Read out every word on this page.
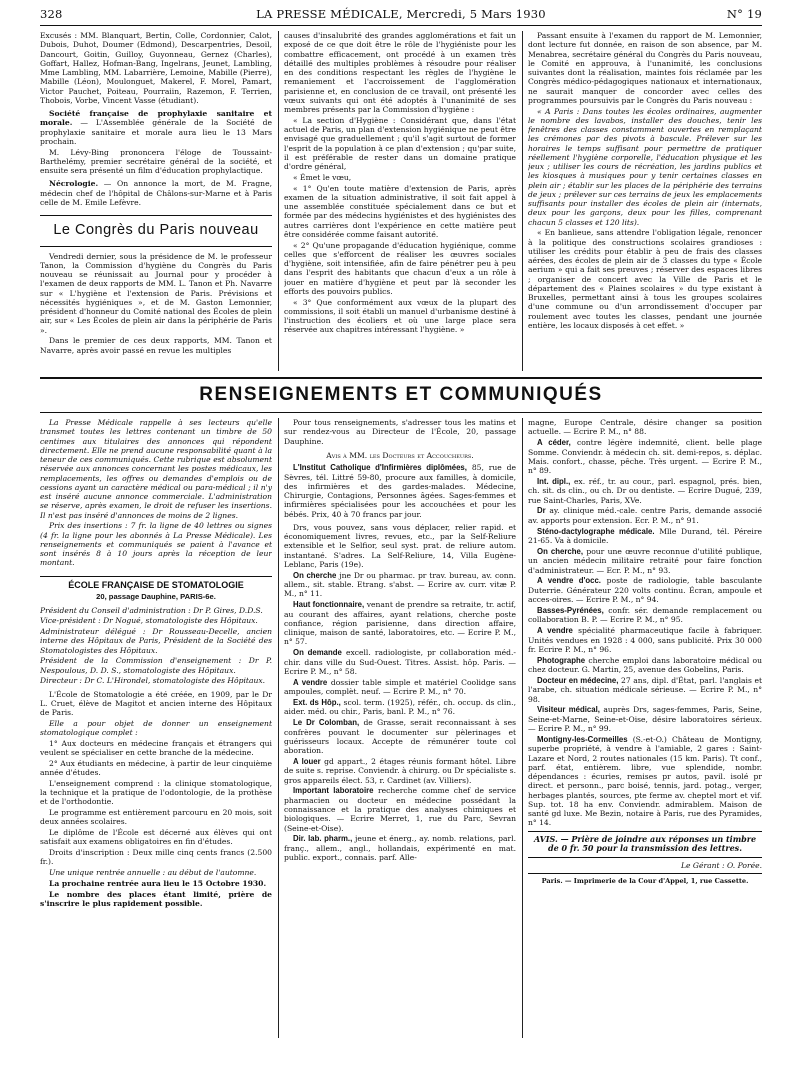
328	LA PRESSE MÉDICALE, Mercredi, 5 Mars 1930	N° 19

Excusés : MM. Blanquart, Bertin, Colle, Cordonnier, Calot, Dubois, Duhot, Doumer (Edmond), Descarpentries, Desoil, Dancourt, Goitin, Guilloy, Guyonneau, Gernez (Charles), Goffart, Hallez, Hofman-Bang, Ingelrans, Jeunet, Lambling, Mme Lambling, MM. Labarrière, Lemoine, Mabille (Pierre), Mabille (Léon), Moulonguet, Makerel, F. Morel, Pamart, Victor Pauchet, Poiteau, Pourraiin, Razemon, F. Terrien, Thobois, Vorbe, Vincent Vasse (étudiant).

Société française de prophylaxie sanitaire et morale. — L'Assemblée générale de la Société de prophylaxie sanitaire et morale aura lieu le 13 Mars prochain.

M. Lévy-Bing prononcera l'éloge de Toussaint-Barthelémy, premier secrétaire général de la société, et ensuite sera présenté un film d'éducation prophylactique.

Nécrologie. — On annonce la mort, de M. Fragne, médecin chef de l'hôpital de Châlons-sur-Marne et à Paris celle de M. Emile Lefèvre.

Le Congrès du Paris nouveau

Vendredi dernier, sous la présidence de M. le professeur Tanon, la Commission d'hygiène du Congrès du Paris nouveau se réunissait au Journal pour y procéder à l'examen de deux rapports de MM. L. Tanon et Ph. Navarre sur « L'hygiène et l'extension de Paris. Prévisions et nécessités hygiéniques », et de M. Gaston Lemonnier, président d'honneur du Comité national des Écoles de plein air, sur « Les Écoles de plein air dans la périphérie de Paris ».

Dans le premier de ces deux rapports, MM. Tanon et Navarre, après avoir passé en revue les multiples

causes d'insalubrité des grandes agglomérations et fait un exposé de ce que doit être le rôle de l'hygiéniste pour les combattre efficacement, ont procédé à un examen très détaillé des multiples problèmes à résoudre pour réaliser en des conditions respectant les règles de l'hygiène le remaniement et l'accroissement de l'agglomération parisienne et, en conclusion de ce travail, ont présenté les vœux suivants qui ont été adoptés à l'unanimité de ses membres présents par la Commission d'hygiène :

« La section d'Hygiène : Considérant que, dans l'état actuel de Paris, un plan d'extension hygiénique ne peut être envisagé que graduellement ; qu'il s'agit surtout de former l'esprit de la population à ce plan d'extension ; qu'par suite, il est préférable de rester dans un domaine pratique d'ordre général,

« Émet le vœu,

« 1° Qu'en toute matière d'extension de Paris, après examen de la situation administrative, il soit fait appel à une assemblée constituée spécialement dans ce but et formée par des médecins hygiénistes et des hygiénistes des autres carrières dont l'expérience en cette matière peut être considérée comme faisant autorité.

« 2° Qu'une propagande d'éducation hygiénique, comme celles que s'efforcent de réaliser les œuvres sociales d'hygiène, soit intensifiée, afin de faire pénétrer peu à peu dans l'esprit des habitants que chacun d'eux a un rôle à jouer en matière d'hygiène et peut par là seconder les efforts des pouvoirs publics.

« 3° Que conformément aux vœux de la plupart des commissions, il soit établi un manuel d'urbanisme destiné à l'instruction des écoliers et où une large place sera réservée aux chapitres intéressant l'hygiène. »

Passant ensuite à l'examen du rapport de M. Lemonnier, dont lecture fut donnée, en raison de son absence, par M. Menabrea, secrétaire général du Congrès du Paris nouveau, le Comité en approuva, à l'unanimité, les conclusions suivantes dont la réalisation, maintes fois réclamée par les Congrès médico-pédagogiques nationaux et internationaux, ne saurait manquer de concorder avec celles des programmes poursuivis par le Congrès du Paris nouveau :

« A Paris : Dans toutes les écoles ordinaires, augmenter le nombre des lavabos, installer des douches, tenir les fenêtres des classes constamment ouvertes en remplaçant les crémones par des pivots à bascule. Prélever sur les horaires le temps suffisant pour permettre de pratiquer réellement l'hygiène corporelle, l'éducation physique et les jeux ; utiliser les cours de récréation, les jardins publics et les kiosques à musiques pour y tenir certaines classes en plein air ; établir sur les places de la périphérie des terrains de jeux ; prélever sur ces terrains de jeux les emplacements suffisants pour installer des écoles de plein air (internats, deux pour les garçons, deux pour les filles, comprenant chacun 5 classes et 120 lits).

« En banlieue, sans attendre l'obligation légale, renoncer à la politique des constructions scolaires grandioses : utiliser les crédits pour établir à peu de frais des classes aérées, des écoles de plein air de 3 classes du type « École aerium » qui a fait ses preuves ; réserver des espaces libres ; organiser de concert avec la Ville de Paris et le département des « Plaines scolaires » du type existant à Bruxelles, permettant ainsi à tous les groupes scolaires d'une commune ou d'un arrondissement d'occuper par roulement avec toutes les classes, pendant une journée entière, les locaux disposés à cet effet. »

RENSEIGNEMENTS ET COMMUNIQUÉS

La Presse Médicale rappelle à ses lecteurs qu'elle transmet toutes les lettres contenant un timbre de 50 centimes aux titulaires des annonces qui répondent directement. Elle ne prend aucune responsabilité quant à la teneur de ces communiqués. Cette rubrique est absolument réservée aux annonces concernant les postes médicaux, les remplacements, les offres ou demandes d'emplois ou de cessions ayant un caractère médical ou para-médical ; il n'y est inséré aucune annonce commerciale. L'administration se réserve, après examen, le droit de refuser les insertions. Il n'est pas inséré d'annonces de moins de 2 lignes.

Prix des insertions : 7 fr. la ligne de 40 lettres ou signes (4 fr. la ligne pour les abonnés à La Presse Médicale). Les renseignements et communiqués se paient à l'avance et sont insérés 8 à 10 jours après la réception de leur montant.

ÉCOLE FRANÇAISE DE STOMATOLOGIE
20, passage Dauphine, PARIS-6e.

Président du Conseil d'administration : Dr P. Gires, D.D.S.

Vice-président : Dr Nogué, stomatologiste des Hôpitaux.

Administrateur délégué : Dr Rousseau-Decelle, ancien interne des Hôpitaux de Paris, Président de la Société des Stomatologistes des Hôpitaux.

Président de la Commission d'enseignement : Dr P. Nespoulous, D. D. S., stomatologiste des Hôpitaux.

Directeur : Dr C. L'Hirondel, stomatologiste des Hôpitaux.

L'École de Stomatologie a été créée, en 1909, par le Dr L. Cruet, élève de Magitot et ancien interne des Hôpitaux de Paris.

Elle a pour objet de donner un enseignement stomatologique complet :

1° Aux docteurs en médecine français et étrangers qui veulent se spécialiser en cette branche de la médecine.

2° Aux étudiants en médecine, à partir de leur cinquième année d'études.

L'enseignement comprend : la clinique stomatologique, la technique et la pratique de l'odontologie, de la prothèse et de l'orthodontie.

Le programme est entièrement parcouru en 20 mois, soit deux années scolaires.

Le diplôme de l'École est décerné aux élèves qui ont satisfait aux examens obligatoires en fin d'études.

Droits d'inscription : Deux mille cinq cents francs (2.500 fr.).

Une unique rentrée annuelle : au début de l'automne.

La prochaine rentrée aura lieu le 15 Octobre 1930.

Le nombre des places étant limité, prière de s'inscrire le plus rapidement possible.

Pour tous renseignements, s'adresser tous les matins et sur rendez-vous au Directeur de l'École, 20, passage Dauphine.

Avis à MM. les Docteurs et Accoucheurs.

L'Institut Catholique d'Infirmières diplômées, 85, rue de Sèvres, tél. Littré 59-80, procure aux familles, à domicile, des infirmières et des gardes-malades. Médecine, Chirurgie, Contagions, Personnes âgées. Sages-femmes et infirmières spécialisées pour les accouchées et pour les bébés. Prix, 40 à 70 francs par jour.

Drs, vous pouvez, sans vous déplacer, relier rapid. et économiquement livres, revues, etc., par la Self-Reliure extensible et le Selfior, seul syst. prat. de reliure autom. instantané. S'adres. La Self-Reliure, 14, Villa Eugène-Leblanc, Paris (19e).

On cherche jne Dr ou pharmac. pr trav. bureau, av. conn. allem., sit. stable. Etrang. s'abst. — Ecrire av. curr. vitæ P. M., n° 11.

Haut fonctionnaire, venant de prendre sa retraite, tr. actif, au courant des affaires, ayant relations, cherche poste confiance, région parisienne, dans direction affaire, clinique, maison de santé, laboratoires, etc. — Ecrire P. M., n° 57.

On demande excell. radiologiste, pr collaboration méd.-chir. dans ville du Sud-Ouest. Titres. Assist. hôp. Paris. — Ecrire P. M., n° 58.

A vendre dossier table simple et matériel Coolidge sans ampoules, complèt. neuf. — Ecrire P. M., n° 70.

Ext. ds Hôp., scol. term. (1925), référ., ch. occup. ds clin., aider. méd. ou chir., Paris, banl. P. M., n° 76.

Le Dr Colomban, de Grasse, serait reconnaissant à ses confrères pouvant le documenter sur pèlerinages et guérisseurs locaux. Accepte de rémunérer toute col aboration.

A louer gd appart., 2 étages réunis formant hôtel. Libre de suite s. reprise. Conviendr. à chirurg. ou Dr spécialiste s. gros appareils élect. 53, r. Cardinet (av. Villiers).

Important laboratoire recherche comme chef de service pharmacien ou docteur en médecine possédant la connaissance et la pratique des analyses chimiques et biologiques. — Ecrire Merret, 1, rue du Parc, Sevran (Seine-et-Oise).

Dir. lab. pharm., jeune et énerg., ay. nomb. relations, parl. franç., allem., angl., hollandais, expérimenté en mat. public. export., connais. parf. Alle-

magne, Europe Centrale, désire changer sa position actuelle. — Ecrire P. M., n° 88.

A céder, contre légère indemnité, client. belle plage Somme. Conviendr. à médecin ch. sit. demi-repos, s. déplac. Mais. confort., chasse, pêche. Très urgent. — Ecrire P. M., n° 89.

Int. dipl., ex. réf., tr. au cour., parl. espagnol, prés. bien, ch. sit. ds clin., ou ch. Dr ou dentiste. — Ecrire Dugué, 239, rue Saint-Charles, Paris, XVe.

Dr ay. clinique méd.-cale. centre Paris, demande associé av. apports pour extension. Ecr. P. M., n° 91.

Sténo-dactylographe médicale. Mlle Durand, tél. Péreire 21-65. Va à domicile.

On cherche, pour une œuvre reconnue d'utilité publique, un ancien médecin militaire retraité pour faire fonction d'administrateur. — Ecr. P. M., n° 93.

A vendre d'occ. poste de radiologie, table basculante Duterrie. Générateur 220 volts continu. Écran, ampoule et acces-oires. — Ecrire P. M., n° 94.

Basses-Pyrénées, confr. sér. demande remplacement ou collaboration B. P. — Ecrire P. M., n° 95.

A vendre spécialité pharmaceutique facile à fabriquer. Unités vendues en 1928 : 4 000, sans publicité. Prix 30 000 fr. Ecrire P. M., n° 96.

Photographe cherche emploi dans laboratoire médical ou chez docteur. G. Martin, 25, avenue des Gobelins, Paris.

Docteur en médecine, 27 ans, dipl. d'État, parl. l'anglais et l'arabe, ch. situation médicale sérieuse. — Ecrire P. M., n° 98.

Visiteur médical, auprès Drs, sages-femmes, Paris, Seine, Seine-et-Marne, Seine-et-Oise, désire laboratoires sérieux. — Ecrire P. M., n° 99.

Montigny-les-Cormeilles (S.-et-O.) Château de Montigny, superbe propriété, à vendre à l'amiable, 2 gares : Saint-Lazare et Nord, 2 routes nationales (15 km. Paris). Tt conf., parf. état, entièrem. libre, vue splendide, nombr. dépendances : écuries, remises pr autos, pavil. isolé pr direct. et personn., parc boisé, tennis, jard. potag., verger, herbages plantés, sources, pte ferme av. cheptel mort et vif. Sup. tot. 18 ha env. Conviendr. admirablem. Maison de santé gd luxe. Me Bezin, notaire à Paris, rue des Pyramides, n° 14.

AVIS. — Prière de joindre aux réponses un timbre de 0 fr. 50 pour la transmission des lettres.

Le Gérant : O. Porée.

Paris. — Imprimerie de la Cour d'Appel, 1, rue Cassette.
